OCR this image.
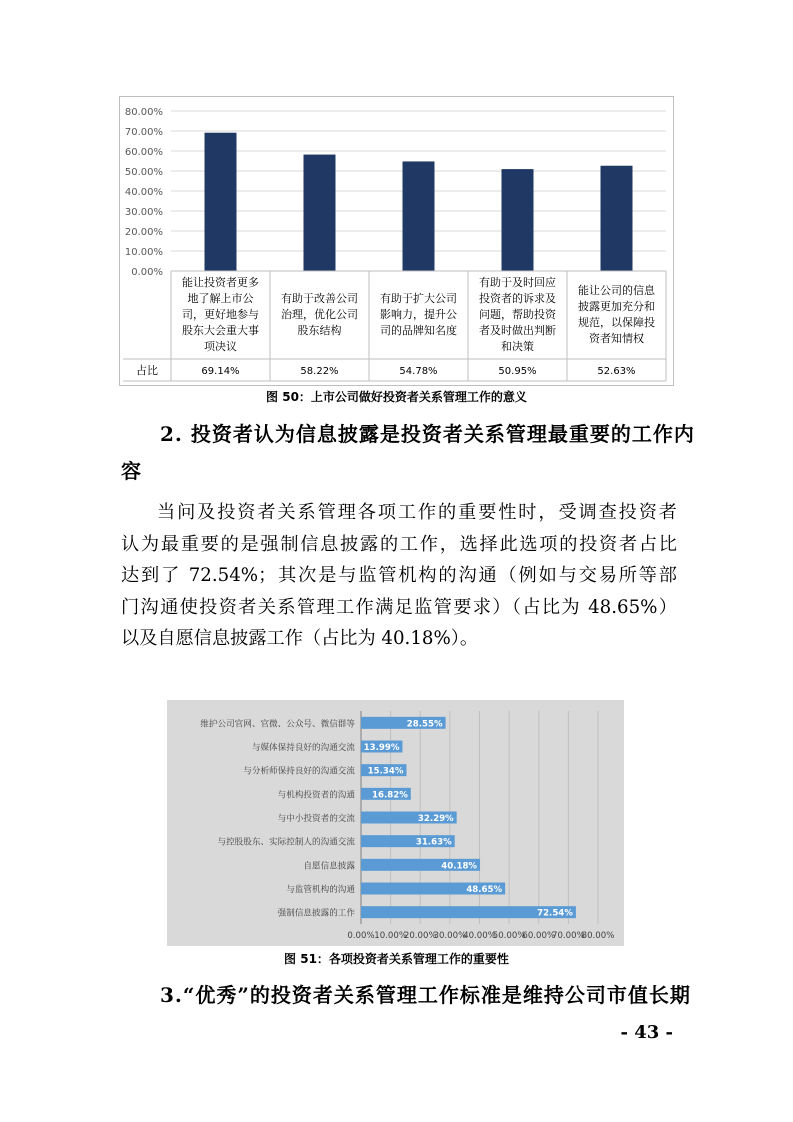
0.00%
10.00%
20.00%
30.00%
40.00%
50.00%
60.00%
70.00%
80.00%
占比
能让投资者更多地了解上市公司，更好地参与股东大会重大事项决议
69.14%
有助于改善公司治理，优化公司股东结构
58.22%
有助于扩大公司影响力，提升公司的品牌知名度
54.78%
有助于及时回应投资者的诉求及问题，帮助投资者及时做出判断和决策
50.95%
能让公司的信息披露更加充分和规范，以保障投资者知情权
52.63%
图 50：上市公司做好投资者关系管理工作的意义
2. 投资者认为信息披露是投资者关系管理最重要的工作内
容
当问及投资者关系管理各项工作的重要性时，受调查投资者
认为最重要的是强制信息披露的工作，选择此选项的投资者占比
达到了 72.54%；其次是与监管机构的沟通（例如与交易所等部
门沟通使投资者关系管理工作满足监管要求）（占比为 48.65%）
以及自愿信息披露工作（占比为 40.18%）。
0.00% 10.00%
20.00%
30.00%
40.00%
50.00%
60.00%
70.00%
80.00%
28.55%
维护公司官网、官微、公众号、微信群等
13.99%
与媒体保持良好的沟通交流
15.34%
与分析师保持良好的沟通交流
16.82%
与机构投资者的沟通
32.29%
与中小投资者的交流
31.63%
与控股股东、实际控制人的沟通交流
40.18%
自愿信息披露
48.65%
与监管机构的沟通
72.54%
强制信息披露的工作
图 51：各项投资者关系管理工作的重要性
3.“优秀”的投资者关系管理工作标准是维持公司市值长期
- 43 -
